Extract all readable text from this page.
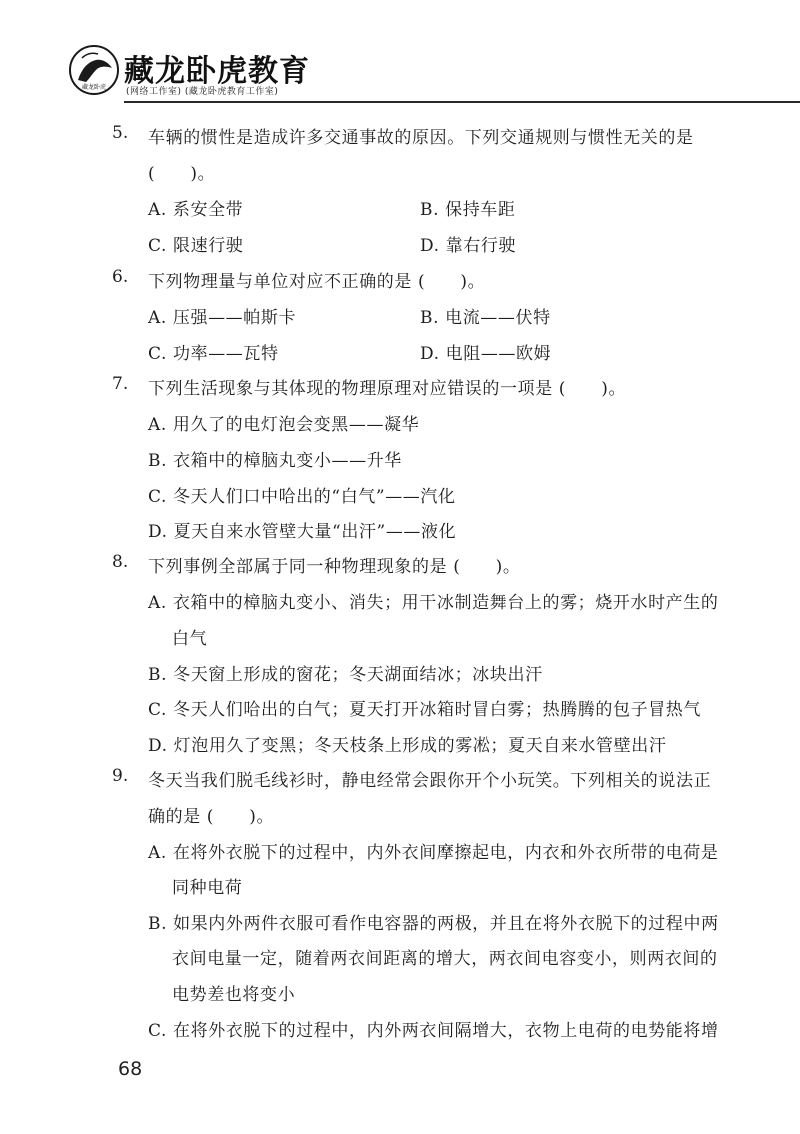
藏龙卧虎 藏龙卧虎教育
(网络工作室) (藏龙卧虎教育工作室)
5. 车辆的惯性是造成许多交通事故的原因。下列交通规则与惯性无关的是
(　　)。
A. 系安全带	B. 保持车距
C. 限速行驶	D. 靠右行驶
6. 下列物理量与单位对应不正确的是 (　　)。
A. 压强——帕斯卡	B. 电流——伏特
C. 功率——瓦特	D. 电阻——欧姆
7. 下列生活现象与其体现的物理原理对应错误的一项是 (　　)。
A. 用久了的电灯泡会变黑——凝华
B. 衣箱中的樟脑丸变小——升华
C. 冬天人们口中哈出的“白气”——汽化
D. 夏天自来水管壁大量“出汗”——液化
8. 下列事例全部属于同一种物理现象的是 (　　)。
A. 衣箱中的樟脑丸变小、消失；用干冰制造舞台上的雾；烧开水时产生的
白气
B. 冬天窗上形成的窗花；冬天湖面结冰；冰块出汗
C. 冬天人们哈出的白气；夏天打开冰箱时冒白雾；热腾腾的包子冒热气
D. 灯泡用久了变黑；冬天枝条上形成的雾凇；夏天自来水管壁出汗
9. 冬天当我们脱毛线衫时，静电经常会跟你开个小玩笑。下列相关的说法正
确的是 (　　)。
A. 在将外衣脱下的过程中，内外衣间摩擦起电，内衣和外衣所带的电荷是
同种电荷
B. 如果内外两件衣服可看作电容器的两极，并且在将外衣脱下的过程中两
衣间电量一定，随着两衣间距离的增大，两衣间电容变小，则两衣间的
电势差也将变小
C. 在将外衣脱下的过程中，内外两衣间隔增大，衣物上电荷的电势能将增
68
